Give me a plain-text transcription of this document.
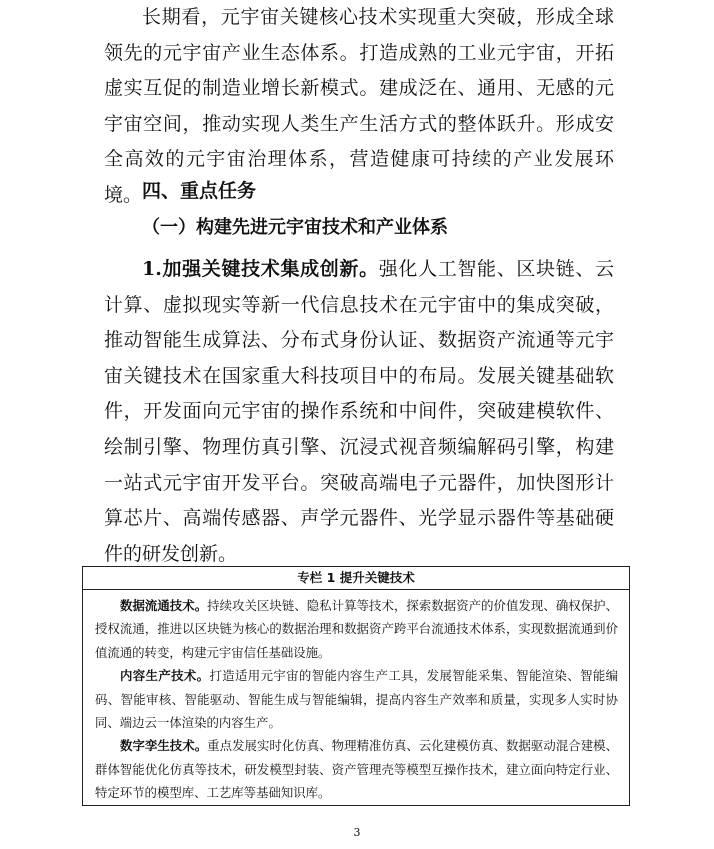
长期看，元宇宙关键核心技术实现重大突破，形成全球领先的元宇宙产业生态体系。打造成熟的工业元宇宙，开拓虚实互促的制造业增长新模式。建成泛在、通用、无感的元宇宙空间，推动实现人类生产生活方式的整体跃升。形成安全高效的元宇宙治理体系，营造健康可持续的产业发展环境。 四、重点任务
（一）构建先进元宇宙技术和产业体系

1.加强关键技术集成创新。强化人工智能、区块链、云计算、虚拟现实等新一代信息技术在元宇宙中的集成突破，推动智能生成算法、分布式身份认证、数据资产流通等元宇宙关键技术在国家重大科技项目中的布局。发展关键基础软件，开发面向元宇宙的操作系统和中间件，突破建模软件、绘制引擎、物理仿真引擎、沉浸式视音频编解码引擎，构建一站式元宇宙开发平台。突破高端电子元器件，加快图形计算芯片、高端传感器、声学元器件、光学显示器件等基础硬件的研发创新。

专栏 1 提升关键技术

数据流通技术。持续攻关区块链、隐私计算等技术，探索数据资产的价值发现、确权保护、授权流通，推进以区块链为核心的数据治理和数据资产跨平台流通技术体系，实现数据流通到价值流通的转变，构建元宇宙信任基础设施。

内容生产技术。打造适用元宇宙的智能内容生产工具，发展智能采集、智能渲染、智能编码、智能审核、智能驱动、智能生成与智能编辑，提高内容生产效率和质量，实现多人实时协同、端边云一体渲染的内容生产。

数字孪生技术。重点发展实时化仿真、物理精准仿真、云化建模仿真、数据驱动混合建模、群体智能优化仿真等技术，研发模型封装、资产管理壳等模型互操作技术，建立面向特定行业、特定环节的模型库、工艺库等基础知识库。

3
